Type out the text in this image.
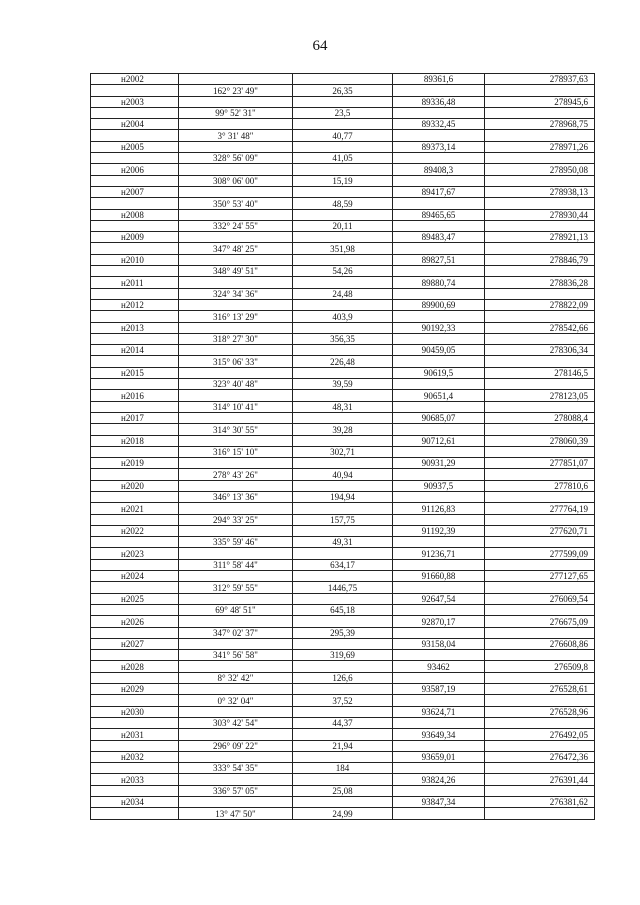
64
н2002			89361,6	278937,63
	162° 23' 49"	26,35		
н2003			89336,48	278945,6
	99° 52' 31"	23,5		
н2004			89332,45	278968,75
	3° 31' 48"	40,77		
н2005			89373,14	278971,26
	328° 56' 09"	41,05		
н2006			89408,3	278950,08
	308° 06' 00"	15,19		
н2007			89417,67	278938,13
	350° 53' 40"	48,59		
н2008			89465,65	278930,44
	332° 24' 55"	20,11		
н2009			89483,47	278921,13
	347° 48' 25"	351,98		
н2010			89827,51	278846,79
	348° 49' 51"	54,26		
н2011			89880,74	278836,28
	324° 34' 36"	24,48		
н2012			89900,69	278822,09
	316° 13' 29"	403,9		
н2013			90192,33	278542,66
	318° 27' 30"	356,35		
н2014			90459,05	278306,34
	315° 06' 33"	226,48		
н2015			90619,5	278146,5
	323° 40' 48"	39,59		
н2016			90651,4	278123,05
	314° 10' 41"	48,31		
н2017			90685,07	278088,4
	314° 30' 55"	39,28		
н2018			90712,61	278060,39
	316° 15' 10"	302,71		
н2019			90931,29	277851,07
	278° 43' 26"	40,94		
н2020			90937,5	277810,6
	346° 13' 36"	194,94		
н2021			91126,83	277764,19
	294° 33' 25"	157,75		
н2022			91192,39	277620,71
	335° 59' 46"	49,31		
н2023			91236,71	277599,09
	311° 58' 44"	634,17		
н2024			91660,88	277127,65
	312° 59' 55"	1446,75		
н2025			92647,54	276069,54
	69° 48' 51"	645,18		
н2026			92870,17	276675,09
	347° 02' 37"	295,39		
н2027			93158,04	276608,86
	341° 56' 58"	319,69		
н2028			93462	276509,8
	8° 32' 42"	126,6		
н2029			93587,19	276528,61
	0° 32' 04"	37,52		
н2030			93624,71	276528,96
	303° 42' 54"	44,37		
н2031			93649,34	276492,05
	296° 09' 22"	21,94		
н2032			93659,01	276472,36
	333° 54' 35"	184		
н2033			93824,26	276391,44
	336° 57' 05"	25,08		
н2034			93847,34	276381,62
	13° 47' 50"	24,99		
